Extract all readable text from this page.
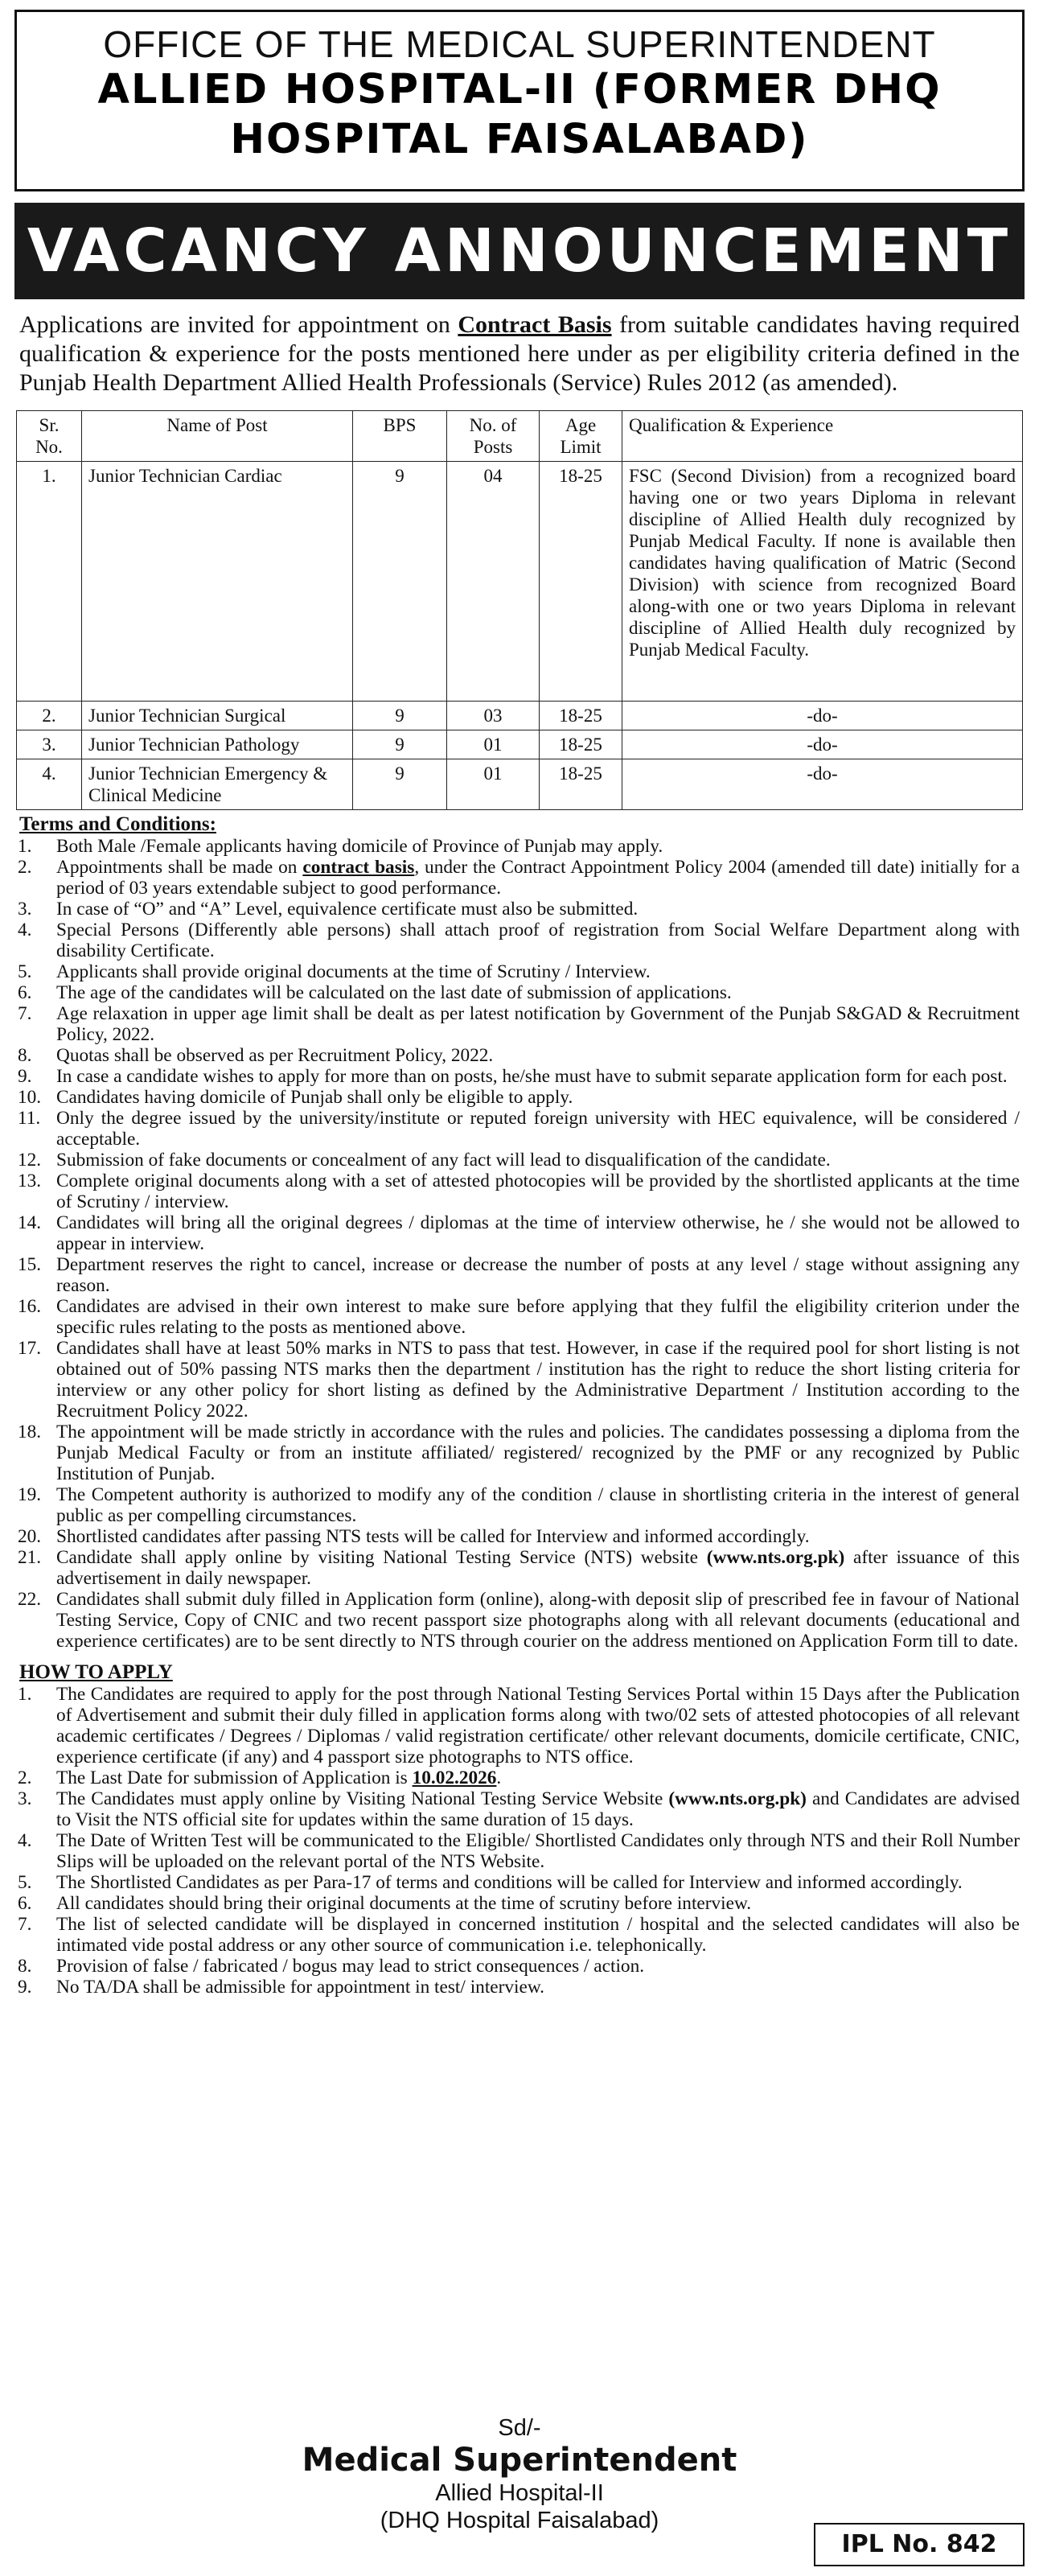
OFFICE OF THE MEDICAL SUPERINTENDENT
ALLIED HOSPITAL-II (FORMER DHQ
HOSPITAL FAISALABAD)
VACANCY ANNOUNCEMENT

Applications are invited for appointment on Contract Basis from suitable candidates having required qualification & experience for the posts mentioned here under as per eligibility criteria defined in the Punjab Health Department Allied Health Professionals (Service) Rules 2012 (as amended).

Sr. No.	Name of Post	BPS	No. of Posts	Age Limit	Qualification & Experience
1.	Junior Technician Cardiac	9	04	18-25	FSC (Second Division) from a recognized board having one or two years Diploma in relevant discipline of Allied Health duly recognized by Punjab Medical Faculty. If none is available then candidates having qualification of Matric (Second Division) with science from recognized Board along-with one or two years Diploma in relevant discipline of Allied Health duly recognized by Punjab Medical Faculty.
2.	Junior Technician Surgical	9	03	18-25	-do-
3.	Junior Technician Pathology	9	01	18-25	-do-
4.	Junior Technician Emergency & Clinical Medicine	9	01	18-25	-do-
Terms and Conditions:
1.	Both Male /Female applicants having domicile of Province of Punjab may apply.
2.	Appointments shall be made on contract basis, under the Contract Appointment Policy 2004 (amended till date) initially for a period of 03 years extendable subject to good performance.
3.	In case of “O” and “A” Level, equivalence certificate must also be submitted.
4.	Special Persons (Differently able persons) shall attach proof of registration from Social Welfare Department along with disability Certificate.
5.	Applicants shall provide original documents at the time of Scrutiny / Interview.
6.	The age of the candidates will be calculated on the last date of submission of applications.
7.	Age relaxation in upper age limit shall be dealt as per latest notification by Government of the Punjab S&GAD & Recruitment Policy, 2022.
8.	Quotas shall be observed as per Recruitment Policy, 2022.
9.	In case a candidate wishes to apply for more than on posts, he/she must have to submit separate application form for each post.
10. Candidates having domicile of Punjab shall only be eligible to apply.
11. Only the degree issued by the university/institute or reputed foreign university with HEC equivalence, will be considered / acceptable.
12. Submission of fake documents or concealment of any fact will lead to disqualification of the candidate.
13. Complete original documents along with a set of attested photocopies will be provided by the shortlisted applicants at the time of Scrutiny / interview.
14. Candidates will bring all the original degrees / diplomas at the time of interview otherwise, he / she would not be allowed to appear in interview.
15. Department reserves the right to cancel, increase or decrease the number of posts at any level / stage without assigning any reason.
16. Candidates are advised in their own interest to make sure before applying that they fulfil the eligibility criterion under the specific rules relating to the posts as mentioned above.
17. Candidates shall have at least 50% marks in NTS to pass that test. However, in case if the required pool for short listing is not obtained out of 50% passing NTS marks then the department / institution has the right to reduce the short listing criteria for interview or any other policy for short listing as defined by the Administrative Department / Institution according to the Recruitment Policy 2022.
18. The appointment will be made strictly in accordance with the rules and policies. The candidates possessing a diploma from the Punjab Medical Faculty or from an institute affiliated/ registered/ recognized by the PMF or any recognized by Public Institution of Punjab.
19. The Competent authority is authorized to modify any of the condition / clause in shortlisting criteria in the interest of general public as per compelling circumstances.
20. Shortlisted candidates after passing NTS tests will be called for Interview and informed accordingly.
21. Candidate shall apply online by visiting National Testing Service (NTS) website (www.nts.org.pk) after issuance of this advertisement in daily newspaper.
22. Candidates shall submit duly filled in Application form (online), along-with deposit slip of prescribed fee in favour of National Testing Service, Copy of CNIC and two recent passport size photographs along with all relevant documents (educational and experience certificates) are to be sent directly to NTS through courier on the address mentioned on Application Form till to date.
HOW TO APPLY
1.	The Candidates are required to apply for the post through National Testing Services Portal within 15 Days after the Publication of Advertisement and submit their duly filled in application forms along with two/02 sets of attested photocopies of all relevant academic certificates / Degrees / Diplomas / valid registration certificate/ other relevant documents, domicile certificate, CNIC, experience certificate (if any) and 4 passport size photographs to NTS office.
2.	The Last Date for submission of Application is 10.02.2026.
3.	The Candidates must apply online by Visiting National Testing Service Website (www.nts.org.pk) and Candidates are advised to Visit the NTS official site for updates within the same duration of 15 days.
4.	The Date of Written Test will be communicated to the Eligible/ Shortlisted Candidates only through NTS and their Roll Number Slips will be uploaded on the relevant portal of the NTS Website.
5.	The Shortlisted Candidates as per Para-17 of terms and conditions will be called for Interview and informed accordingly.
6.	All candidates should bring their original documents at the time of scrutiny before interview.
7.	The list of selected candidate will be displayed in concerned institution / hospital and the selected candidates will also be intimated vide postal address or any other source of communication i.e. telephonically.
8.	Provision of false / fabricated / bogus may lead to strict consequences / action.
9.	No TA/DA shall be admissible for appointment in test/ interview.
Sd/-
Medical Superintendent
Allied Hospital-II
(DHQ Hospital Faisalabad)
IPL No. 842
